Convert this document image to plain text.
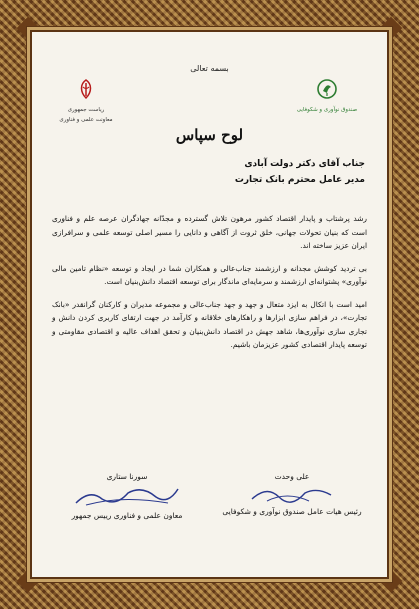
بسمه تعالی
صندوق نوآوری و شکوفایی
ریاست جمهوری
معاونت علمی و فناوری
لوح سپاس
جناب آقای دکتر دولت آبادی
مدیر عامل محترم بانک تجارت

رشد پرشتاب و پایدار اقتصاد کشور مرهون تلاش گسترده و مجدّانه جهادگران عرصه علم و فناوری است که بنیان تحولات جهانی، خلق ثروت از آگاهی و دانایی را مسیر اصلی توسعه علمی و سرافرازی ایران عزیز ساخته اند.

بی تردید کوشش مجدانه و ارزشمند جناب‌عالی و همکاران شما در ایجاد و توسعه «نظام تامین مالی نوآوری» پشتوانه‌ای ارزشمند و سرمایه‌ای ماندگار برای توسعه اقتصاد دانش‌بنیان است.

امید است با اتکال به ایزد متعال و جهد و جهد جناب‌عالی و مجموعه مدیران و کارکنان گرانقدر «بانک تجارت»، در فراهم سازی ابزارها و راهکارهای خلاقانه و کارآمد در جهت ارتقای کاربری کردن دانش و تجاری سازی نوآوری‌ها، شاهد جهش در اقتصاد دانش‌بنیان و تحقق اهداف عالیه و اقتصادی مقاومتی و توسعه پایدار اقتصادی کشور عزیزمان باشیم.

علی وحدت
رئیس هیات عامل صندوق نوآوری و شکوفایی
سورنا ستاری
معاون علمی و فناوری رییس جمهور
